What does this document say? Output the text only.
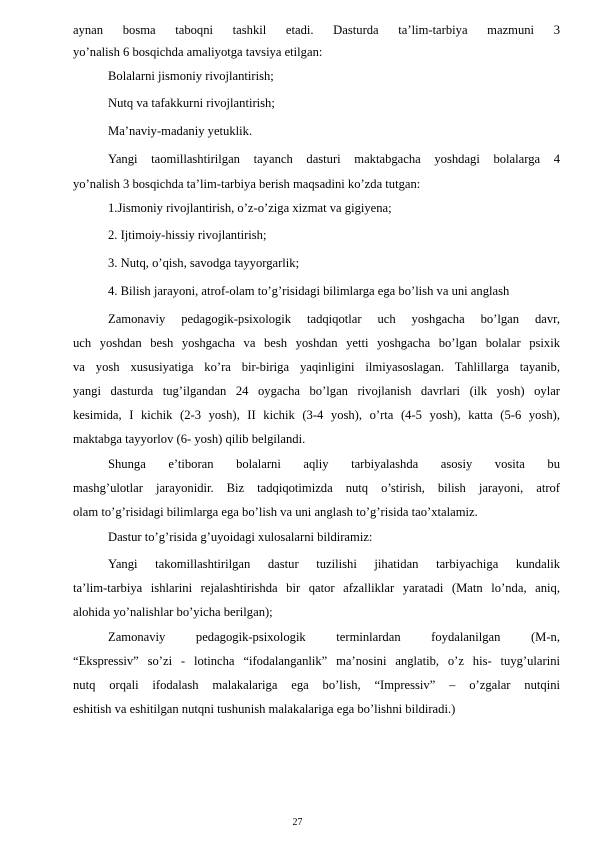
aynan bosma taboqni tashkil etadi. Dasturda ta’lim-tarbiya mazmuni 3
yo’nalish 6 bosqichda amaliyotga tavsiya etilgan:
Bolalarni jismoniy rivojlantirish;
Nutq va tafakkurni rivojlantirish;
Ma’naviy-madaniy yetuklik.
Yangi taomillashtirilgan tayanch dasturi maktabgacha yoshdagi bolalarga 4
yo’nalish 3 bosqichda ta’lim-tarbiya berish maqsadini ko’zda tutgan:
1.Jismoniy rivojlantirish, o’z-o’ziga xizmat va gigiyena;
2. Ijtimoiy-hissiy rivojlantirish;
3. Nutq, o’qish, savodga tayyorgarlik;
4. Bilish jarayoni, atrof-olam to’g’risidagi bilimlarga ega bo’lish va uni anglash
Zamonaviy pedagogik-psixologik tadqiqotlar uch yoshgacha bo’lgan davr,
uch yoshdan besh yoshgacha va besh yoshdan yetti yoshgacha bo’lgan bolalar psixik
va yosh xususiyatiga ko’ra bir-biriga yaqinligini ilmiyasoslagan. Tahlillarga tayanib,
yangi dasturda tug’ilgandan 24 oygacha bo’lgan rivojlanish davrlari (ilk yosh) oylar
kesimida, I kichik (2-3 yosh), II kichik (3-4 yosh), o’rta (4-5 yosh), katta (5-6 yosh),
maktabga tayyorlov (6- yosh) qilib belgilandi.
Shunga e’tiboran bolalarni aqliy tarbiyalashda asosiy vosita bu
mashg’ulotlar jarayonidir. Biz tadqiqotimizda nutq o’stirish, bilish jarayoni, atrof
olam to’g’risidagi bilimlarga ega bo’lish va uni anglash to’g’risida tao’xtalamiz.
Dastur to’g’risida g’uyoidagi xulosalarni bildiramiz:
Yangi takomillashtirilgan dastur tuzilishi jihatidan tarbiyachiga kundalik
ta’lim-tarbiya ishlarini rejalashtirishda bir qator afzalliklar yaratadi (Matn lo’nda, aniq,
alohida yo’nalishlar bo’yicha berilgan);
Zamonaviy pedagogik-psixologik terminlardan foydalanilgan (M-n,
“Ekspressiv” so’zi - lotincha “ifodalanganlik” ma’nosini anglatib, o’z his- tuyg’ularini
nutq orqali ifodalash malakalariga ega bo’lish, “Impressiv” – o’zgalar nutqini
eshitish va eshitilgan nutqni tushunish malakalariga ega bo’lishni bildiradi.)
27
